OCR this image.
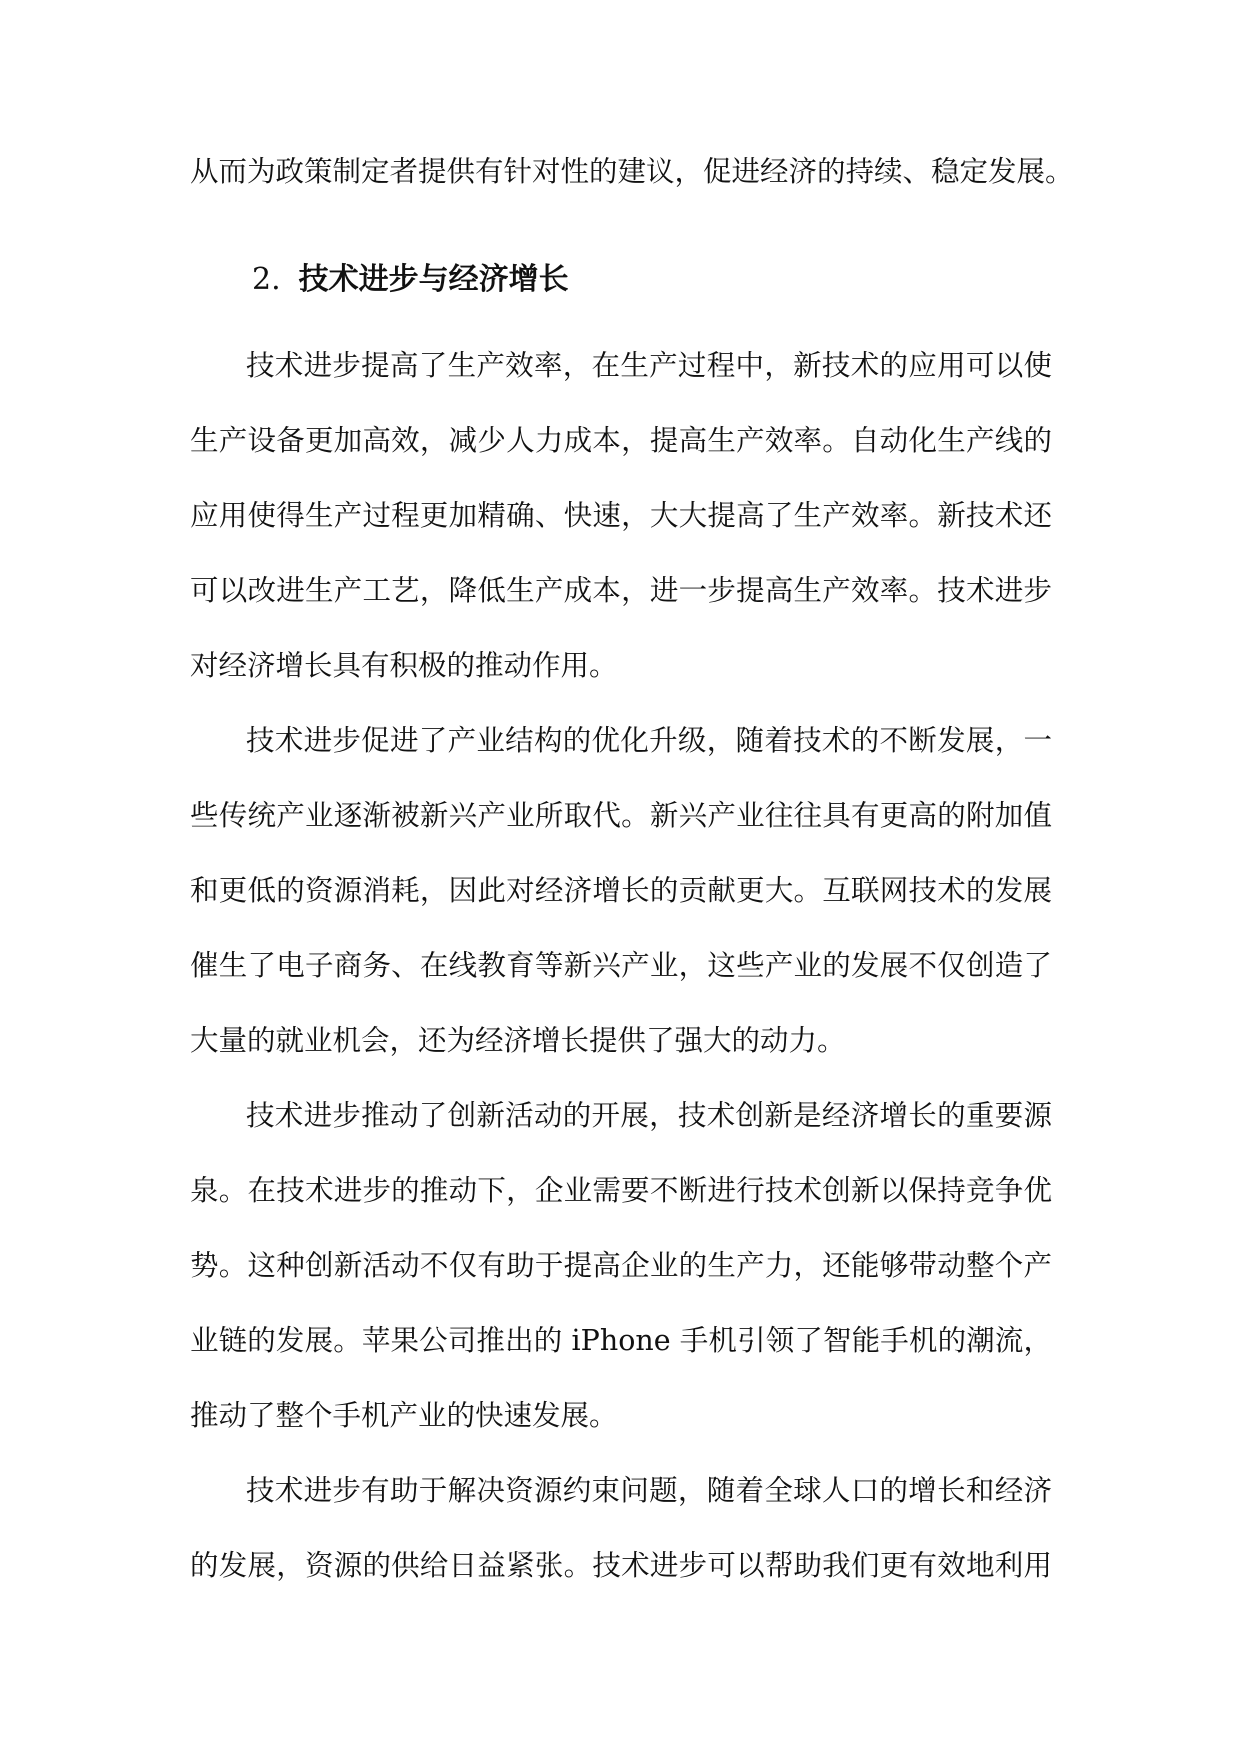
从而为政策制定者提供有针对性的建议，促进经济的持续、稳定发展。
2. 技术进步与经济增长
技术进步提高了生产效率，在生产过程中，新技术的应用可以使
生产设备更加高效，减少人力成本，提高生产效率。自动化生产线的
应用使得生产过程更加精确、快速，大大提高了生产效率。新技术还
可以改进生产工艺，降低生产成本，进一步提高生产效率。技术进步
对经济增长具有积极的推动作用。
技术进步促进了产业结构的优化升级，随着技术的不断发展，一
些传统产业逐渐被新兴产业所取代。新兴产业往往具有更高的附加值
和更低的资源消耗，因此对经济增长的贡献更大。互联网技术的发展
催生了电子商务、在线教育等新兴产业，这些产业的发展不仅创造了
大量的就业机会，还为经济增长提供了强大的动力。
技术进步推动了创新活动的开展，技术创新是经济增长的重要源
泉。在技术进步的推动下，企业需要不断进行技术创新以保持竞争优
势。这种创新活动不仅有助于提高企业的生产力，还能够带动整个产
业链的发展。苹果公司推出的 iPhone 手机引领了智能手机的潮流，
推动了整个手机产业的快速发展。
技术进步有助于解决资源约束问题，随着全球人口的增长和经济
的发展，资源的供给日益紧张。技术进步可以帮助我们更有效地利用
